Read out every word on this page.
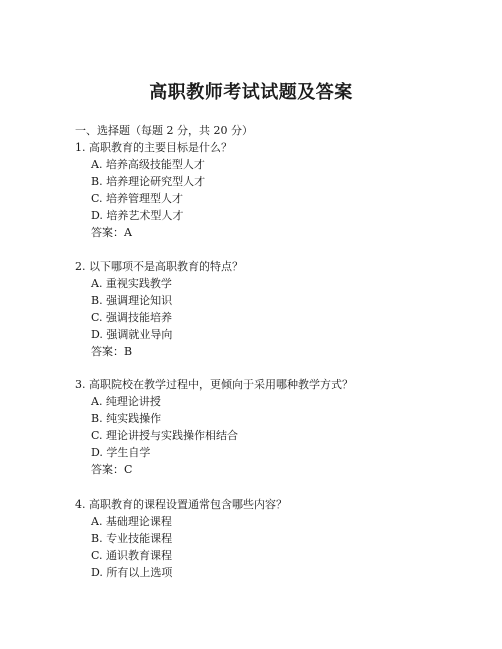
高职教师考试试题及答案
一、选择题（每题 2 分，共 20 分）
1. 高职教育的主要目标是什么？
A. 培养高级技能型人才
B. 培养理论研究型人才
C. 培养管理型人才
D. 培养艺术型人才
答案：A
2. 以下哪项不是高职教育的特点？
A. 重视实践教学
B. 强调理论知识
C. 强调技能培养
D. 强调就业导向
答案：B
3. 高职院校在教学过程中，更倾向于采用哪种教学方式？
A. 纯理论讲授
B. 纯实践操作
C. 理论讲授与实践操作相结合
D. 学生自学
答案：C
4. 高职教育的课程设置通常包含哪些内容？
A. 基础理论课程
B. 专业技能课程
C. 通识教育课程
D. 所有以上选项
